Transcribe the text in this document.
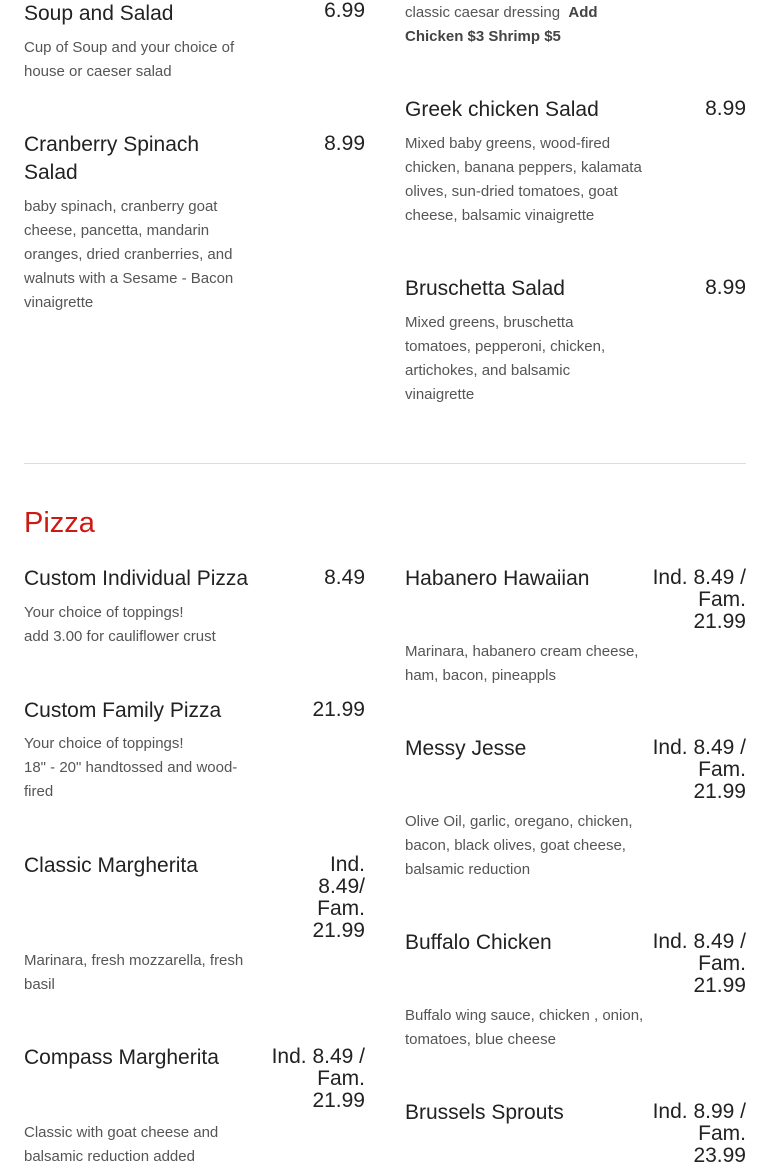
Soup and Salad	6.99

Cup of Soup and your choice of house or caeser salad

Cranberry Spinach Salad
8.99

baby spinach, cranberry goat cheese, pancetta, mandarin oranges, dried cranberries, and walnuts with a Sesame - Bacon vinaigrette

classic caesar dressing Add Chicken $3 Shrimp $5

Greek chicken Salad	8.99

Mixed baby greens, wood-fired chicken, banana peppers, kalamata olives, sun-dried tomatoes, goat cheese, balsamic vinaigrette

Bruschetta Salad	8.99

Mixed greens, bruschetta tomatoes, pepperoni, chicken, artichokes, and balsamic vinaigrette

Pizza
Custom Individual Pizza	8.49

Your choice of toppings!
add 3.00 for cauliflower crust

Custom Family Pizza	21.99

Your choice of toppings!
18" - 20" handtossed and wood-fired

Classic Margherita	Ind. 8.49/ Fam. 21.99

Marinara, fresh mozzarella, fresh basil

Compass Margherita	Ind. 8.49 / Fam. 21.99

Classic with goat cheese and balsamic reduction added

Habanero Hawaiian	Ind. 8.49 / Fam. 21.99

Marinara, habanero cream cheese, ham, bacon, pineappls

Messy Jesse	Ind. 8.49 / Fam. 21.99

Olive Oil, garlic, oregano, chicken, bacon, black olives, goat cheese, balsamic reduction

Buffalo Chicken	Ind. 8.49 / Fam. 21.99

Buffalo wing sauce, chicken , onion, tomatoes, blue cheese

Brussels Sprouts	Ind. 8.99 / Fam. 23.99
